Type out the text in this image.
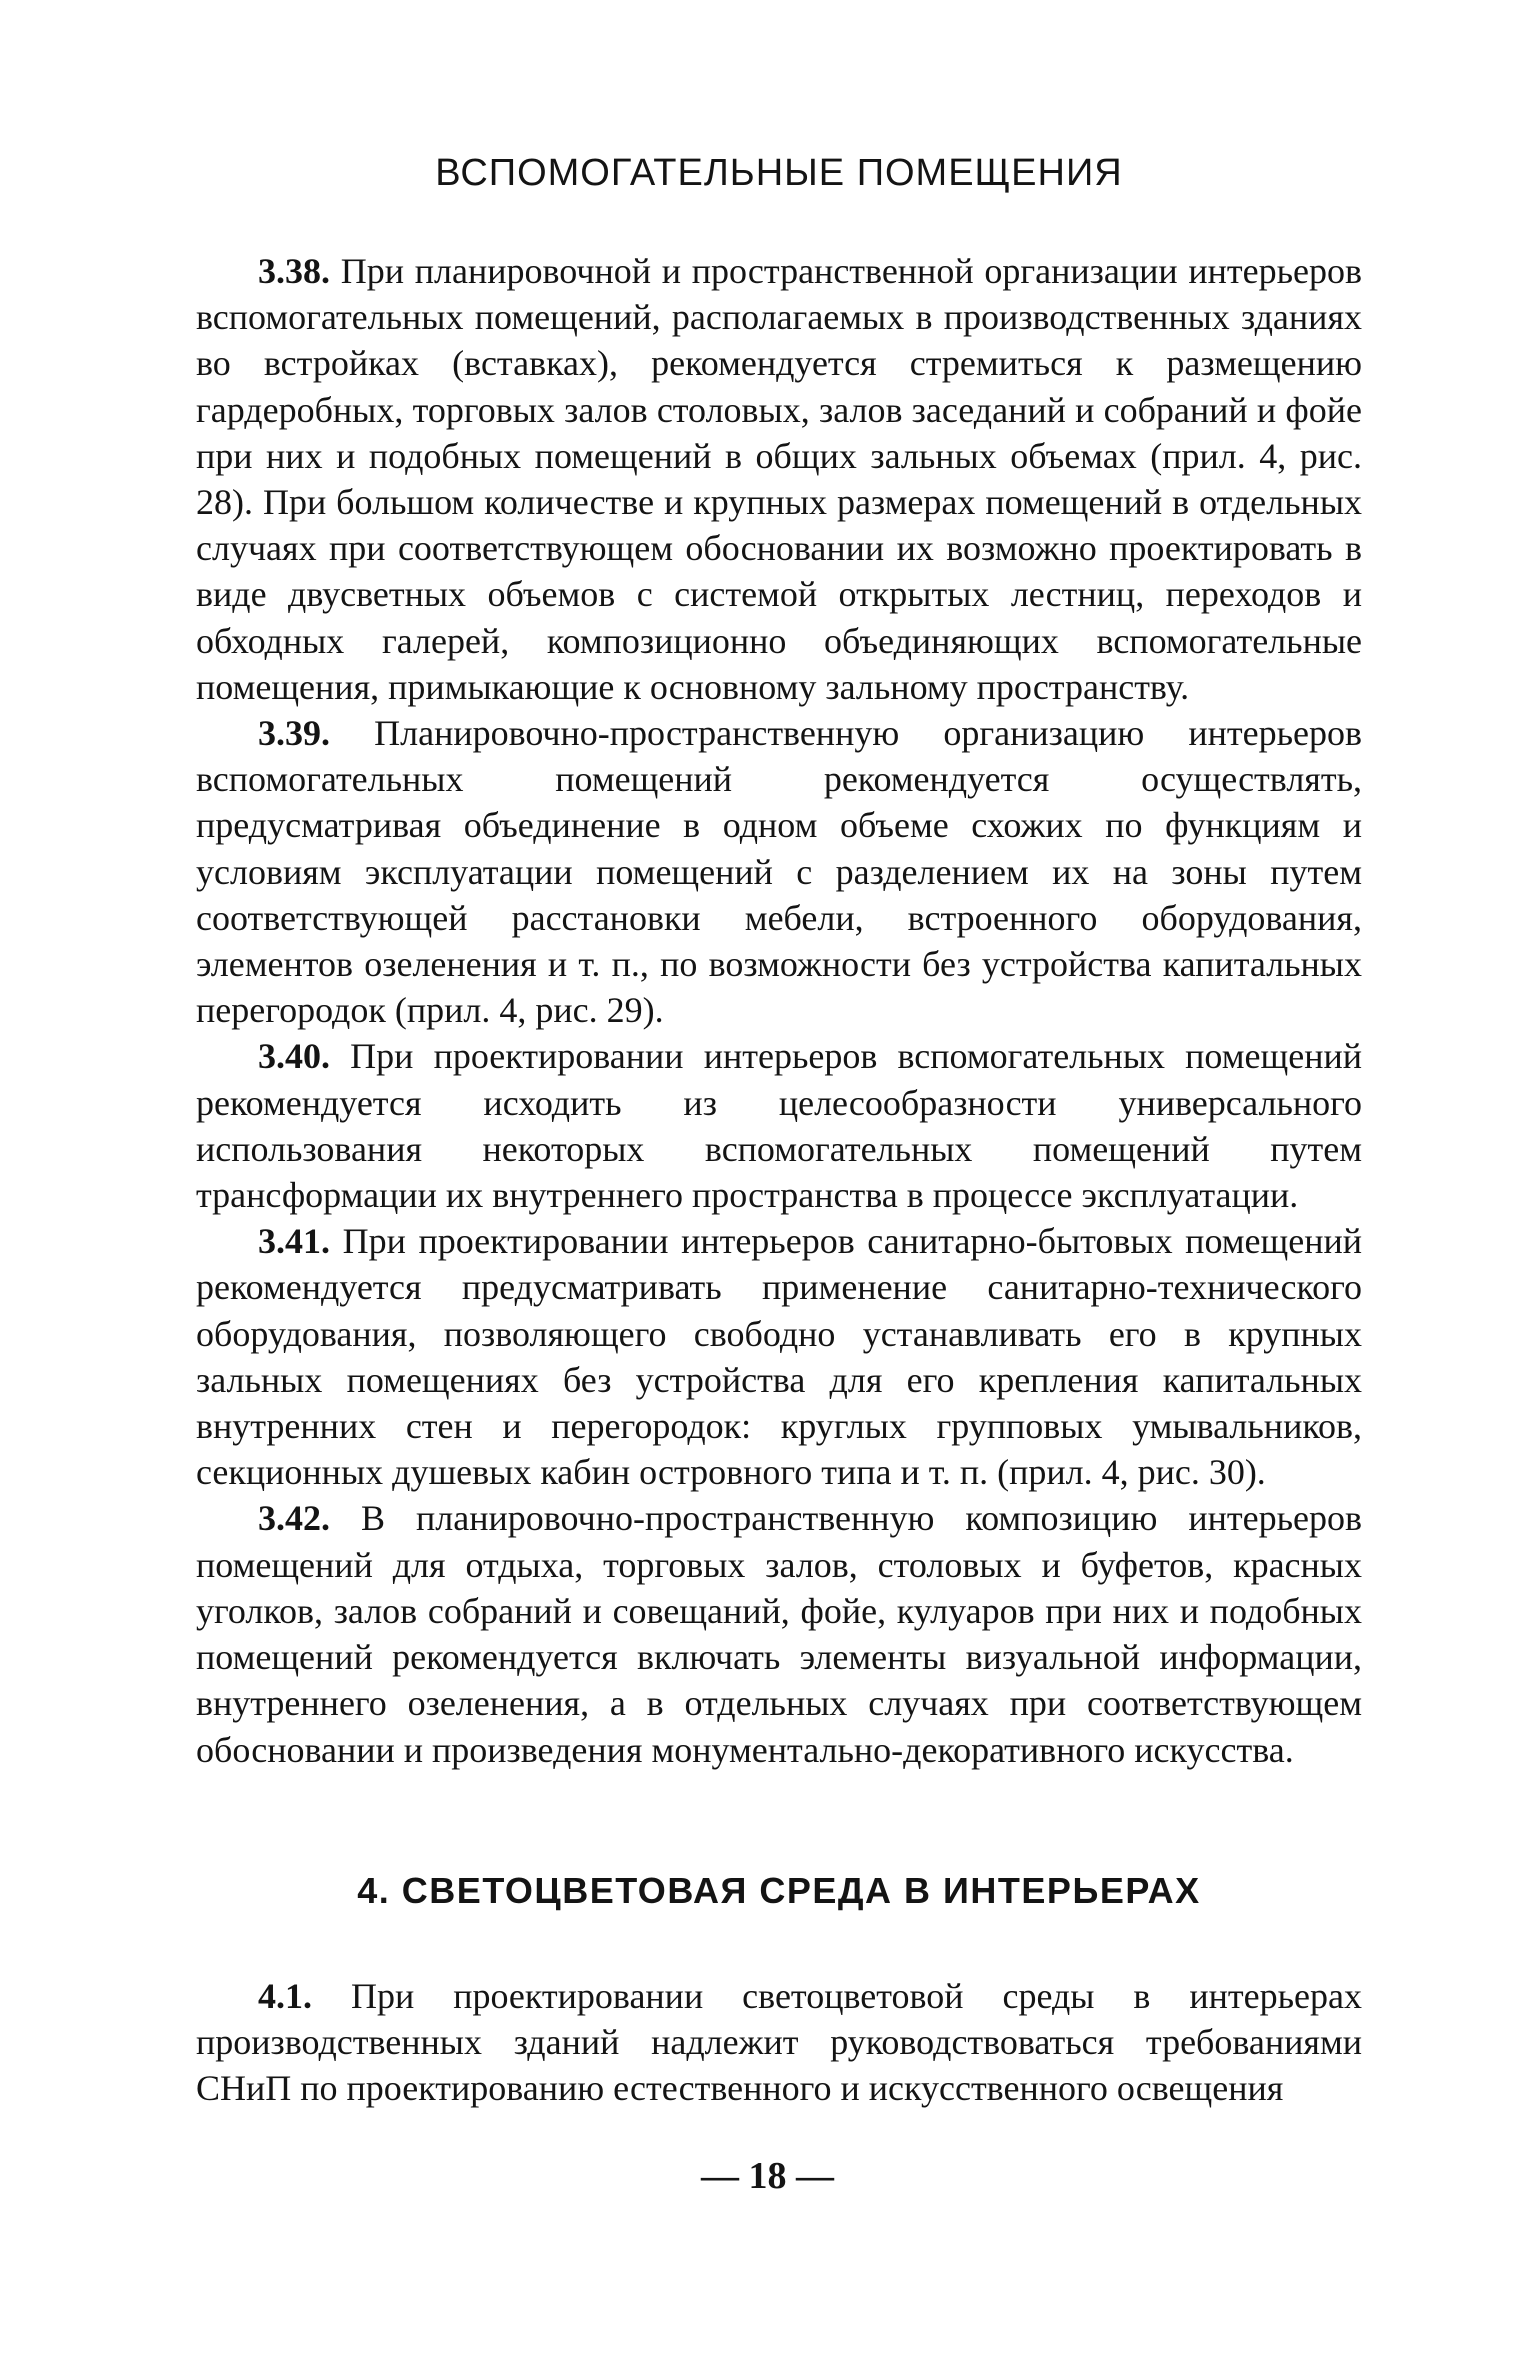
ВСПОМОГАТЕЛЬНЫЕ ПОМЕЩЕНИЯ

3.38. При планировочной и пространственной организации интерьеров вспомогательных помещений, располагаемых в производственных зданиях во встройках (вставках), рекомендуется стремиться к размещению гардеробных, торговых залов столовых, залов заседаний и собраний и фойе при них и подобных помещений в общих зальных объемах (прил. 4, рис. 28). При большом количестве и крупных размерах помещений в отдельных случаях при соответствующем обосновании их возможно проектировать в виде двусветных объемов с системой открытых лестниц, переходов и обходных галерей, композиционно объединяющих вспомогательные помещения, примыкающие к основному зальному пространству.

3.39. Планировочно-пространственную организацию интерьеров вспомогательных помещений рекомендуется осуществлять, предусматривая объединение в одном объеме схожих по функциям и условиям эксплуатации помещений с разделением их на зоны путем соответствующей расстановки мебели, встроенного оборудования, элементов озеленения и т. п., по возможности без устройства капитальных перегородок (прил. 4, рис. 29).

3.40. При проектировании интерьеров вспомогательных помещений рекомендуется исходить из целесообразности универсального использования некоторых вспомогательных помещений путем трансформации их внутреннего пространства в процессе эксплуатации.

3.41. При проектировании интерьеров санитарно-бытовых помещений рекомендуется предусматривать применение санитарно-технического оборудования, позволяющего свободно устанавливать его в крупных зальных помещениях без устройства для его крепления капитальных внутренних стен и перегородок: круглых групповых умывальников, секционных душевых кабин островного типа и т. п. (прил. 4, рис. 30).

3.42. В планировочно-пространственную композицию интерьеров помещений для отдыха, торговых залов, столовых и буфетов, красных уголков, залов собраний и совещаний, фойе, кулуаров при них и подобных помещений рекомендуется включать элементы визуальной информации, внутреннего озеленения, а в отдельных случаях при соответствующем обосновании и произведения монументально-декоративного искусства.

4. СВЕТОЦВЕТОВАЯ СРЕДА В ИНТЕРЬЕРАХ

4.1. При проектировании светоцветовой среды в интерьерах производственных зданий надлежит руководствоваться требованиями СНиП по проектированию естественного и искусственного освещения

— 18 —
